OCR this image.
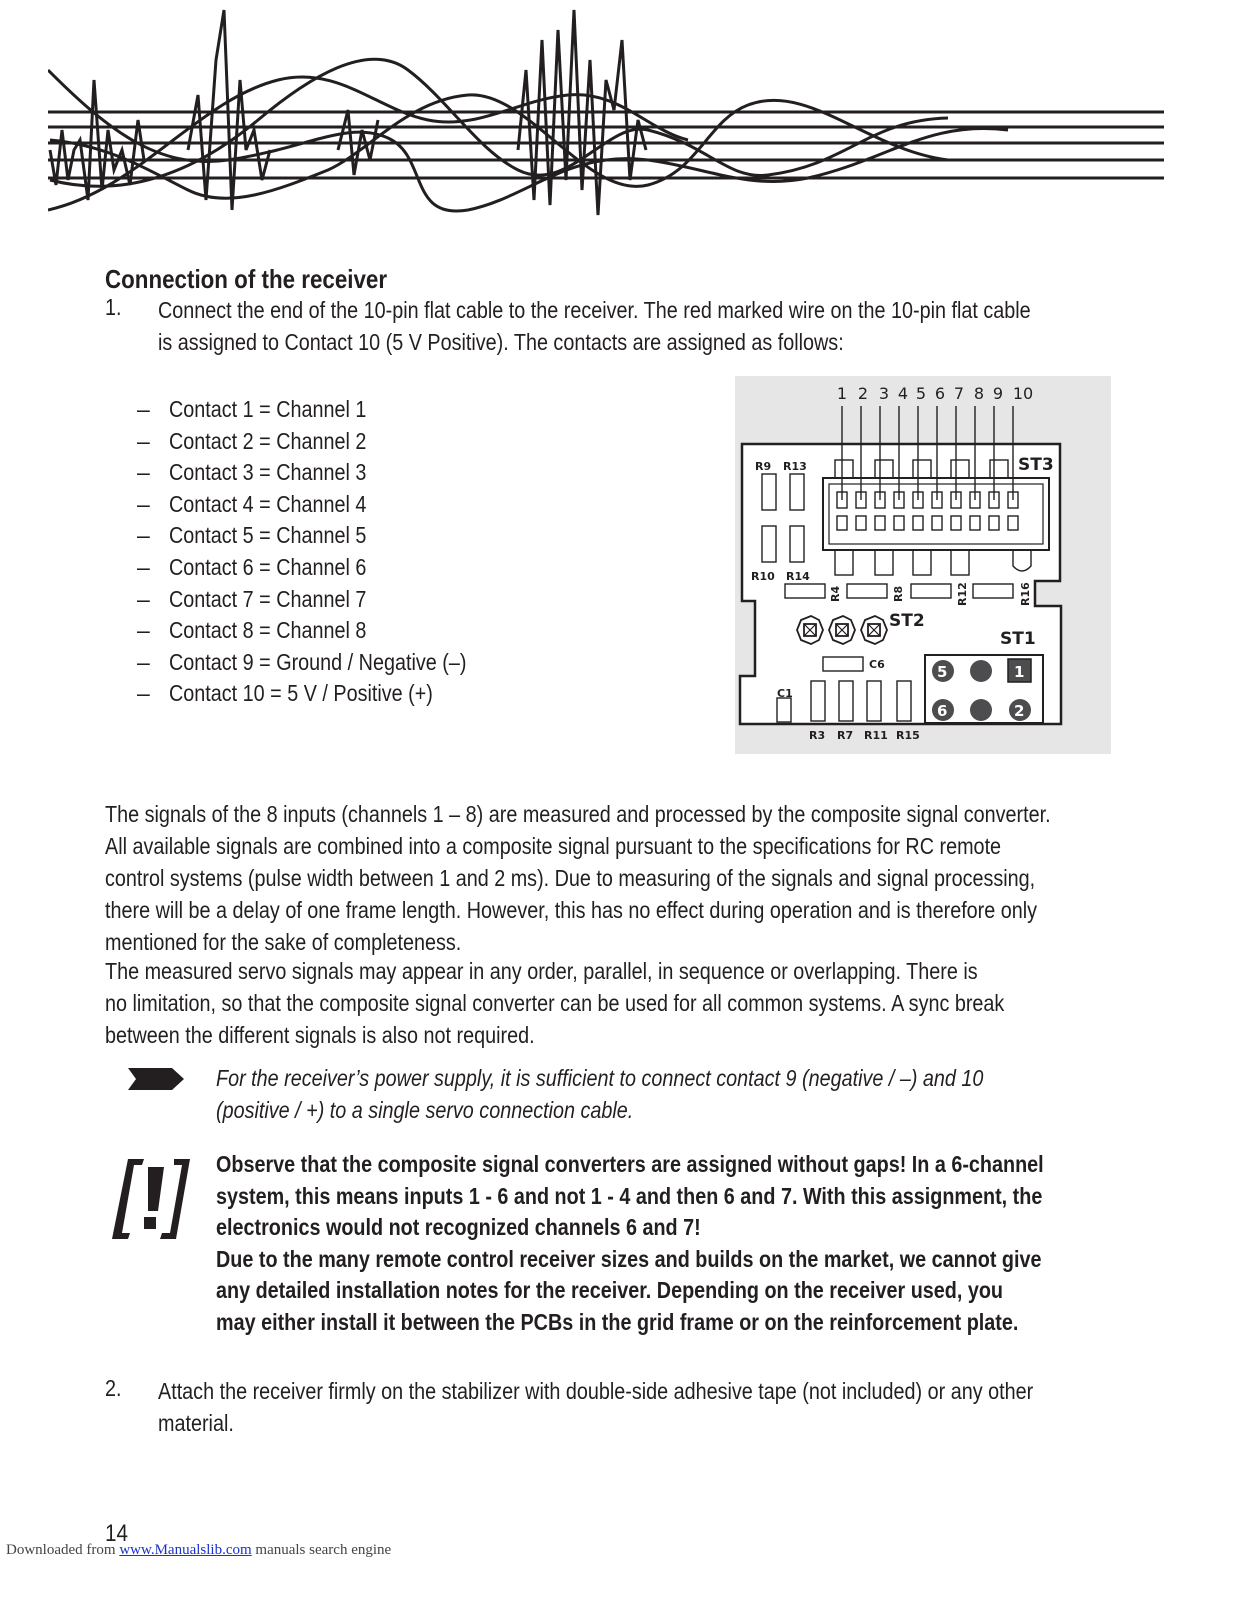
Connection of the receiver
1. Connect the end of the 10-pin flat cable to the receiver. The red marked wire on the 10-pin flat cable
is assigned to Contact 10 (5 V Positive). The contacts are assigned as follows:
– Contact 1 = Channel 1
– Contact 2 = Channel 2
– Contact 3 = Channel 3
– Contact 4 = Channel 4
– Contact 5 = Channel 5
– Contact 6 = Channel 6
– Contact 7 = Channel 7
– Contact 8 = Channel 8
– Contact 9 = Ground / Negative (–)
– Contact 10 = 5 V / Positive (+)
1 2 3 4 5 6 7 8 9 10
ST3
ST2
ST1
R9 R13
R10 R14
R4	R8	R12	R16
C6
C1
R3 R7 R11 R15
5	1
6	2
The signals of the 8 inputs (channels 1 – 8) are measured and processed by the composite signal converter.
All available signals are combined into a composite signal pursuant to the specifications for RC remote
control systems (pulse width between 1 and 2 ms). Due to measuring of the signals and signal processing,
there will be a delay of one frame length. However, this has no effect during operation and is therefore only
mentioned for the sake of completeness.
The measured servo signals may appear in any order, parallel, in sequence or overlapping. There is
no limitation, so that the composite signal converter can be used for all common systems. A sync break
between the different signals is also not required.
For the receiver’s power supply, it is sufficient to connect contact 9 (negative / –) and 10
(positive / +) to a single servo connection cable.
Observe that the composite signal converters are assigned without gaps! In a 6-channel
system, this means inputs 1 - 6 and not 1 - 4 and then 6 and 7. With this assignment, the
electronics would not recognized channels 6 and 7!
Due to the many remote control receiver sizes and builds on the market, we cannot give
any detailed installation notes for the receiver. Depending on the receiver used, you
may either install it between the PCBs in the grid frame or on the reinforcement plate.
2. Attach the receiver firmly on the stabilizer with double-side adhesive tape (not included) or any other
material.
14
Downloaded from www.Manualslib.com manuals search engine
